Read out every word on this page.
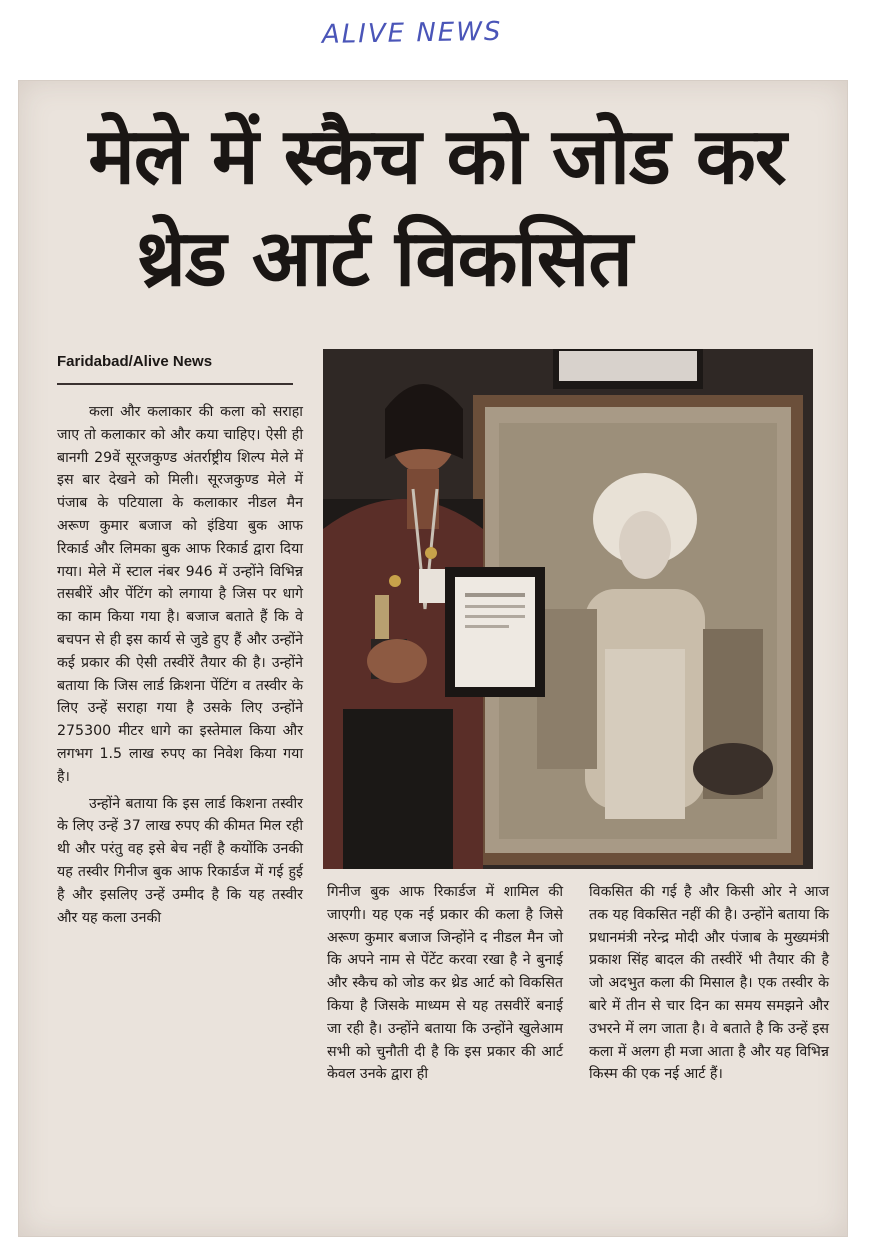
ALIVE NEWS
मेले में स्कैच को जोड कर
थ्रेड आर्ट विकसित
Faridabad/Alive News

कला और कलाकार की कला को सराहा जाए तो कलाकार को और कया चाहिए। ऐसी ही बानगी 29वें सूरजकुण्ड अंतर्राष्ट्रीय शिल्प मेले में इस बार देखने को मिली। सूरजकुण्ड मेले में पंजाब के पटियाला के कलाकार नीडल मैन अरूण कुमार बजाज को इंडिया बुक आफ रिकार्ड और लिमका बुक आफ रिकार्ड द्वारा दिया गया। मेले में स्टाल नंबर 946 में उन्होंने विभिन्न तसबीरें और पेंटिंग को लगाया है जिस पर धागे का काम किया गया है। बजाज बताते हैं कि वे बचपन से ही इस कार्य से जुडे हुए हैं और उन्होंने कई प्रकार की ऐसी तस्वीरें तैयार की है। उन्होंने बताया कि जिस लार्ड क्रिशना पेंटिंग व तस्वीर के लिए उन्हें सराहा गया है उसके लिए उन्होंने 275300 मीटर धागे का इस्तेमाल किया और लगभग 1.5 लाख रुपए का निवेश किया गया है।

उन्होंने बताया कि इस लार्ड किशना तस्वीर के लिए उन्हें 37 लाख रुपए की कीमत मिल रही थी और परंतु वह इसे बेच नहीं है कयोंकि उनकी यह तस्वीर गिनीज बुक आफ रिकार्डज में गई हुई है और इसलिए उन्हें उम्मीद है कि यह तस्वीर और यह कला उनकी

गिनीज बुक आफ रिकार्डज में शामिल की जाएगी। यह एक नई प्रकार की कला है जिसे अरूण कुमार बजाज जिन्होंने द नीडल मैन जो कि अपने नाम से पेंटेंट करवा रखा है ने बुनाई और स्कैच को जोड कर थ्रेड आर्ट को विकसित किया है जिसके माध्यम से यह तसवीरें बनाई जा रही है। उन्होंने बताया कि उन्होंने खुलेआम सभी को चुनौती दी है कि इस प्रकार की आर्ट केवल उनके द्वारा ही

विकसित की गई है और किसी ओर ने आज तक यह विकसित नहीं की है। उन्होंने बताया कि प्रधानमंत्री नरेन्द्र मोदी और पंजाब के मुख्यमंत्री प्रकाश सिंह बादल की तस्वीरें भी तैयार की है जो अदभुत कला की मिसाल है। एक तस्वीर के बारे में तीन से चार दिन का समय समझने और उभरने में लग जाता है। वे बताते है कि उन्हें इस कला में अलग ही मजा आता है और यह विभिन्न किस्म की एक नई आर्ट हैं।
